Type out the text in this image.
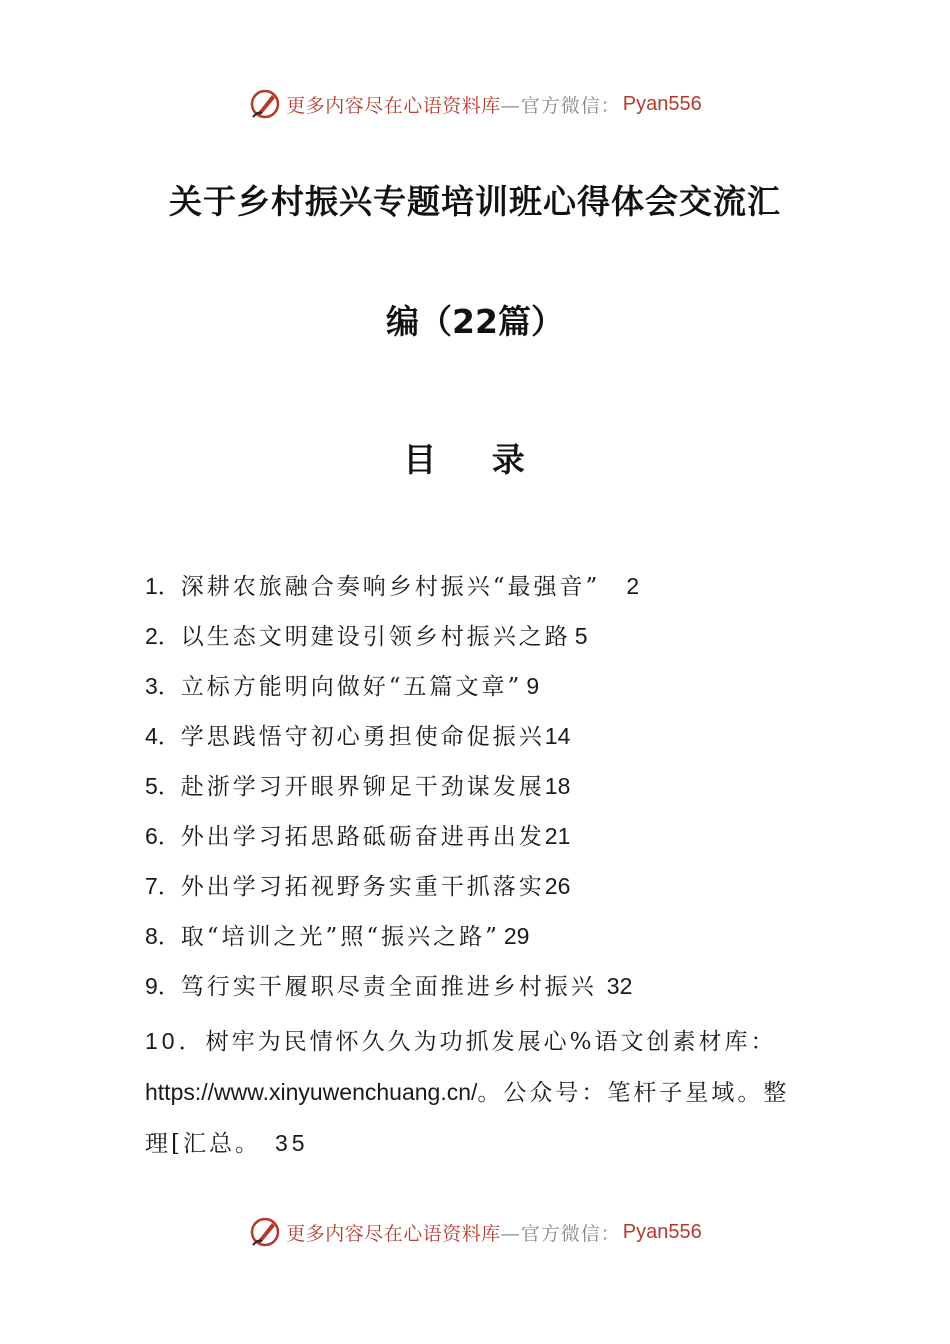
更多内容尽在心语资料库 —官方微信： Pyan556
关于乡村振兴专题培训班心得体会交流汇
编（22篇）
目 录
1．深耕农旅融合奏响乡村振兴“最强音” 2
2．以生态文明建设引领乡村振兴之路 5
3．立标方能明向做好“五篇文章” 9
4．学思践悟守初心勇担使命促振兴14
5．赴浙学习开眼界铆足干劲谋发展18
6．外出学习拓思路砥砺奋进再出发21
7．外出学习拓视野务实重干抓落实26
8．取“培训之光”照“振兴之路” 29
9．笃行实干履职尽责全面推进乡村振兴 32
10．树牢为民情怀久久为功抓发展心%语文创素材库：https://www.xinyuwenchuang.cn/。公众号：笔杆子星域。整理[汇总。 35
更多内容尽在心语资料库 —官方微信： Pyan556
